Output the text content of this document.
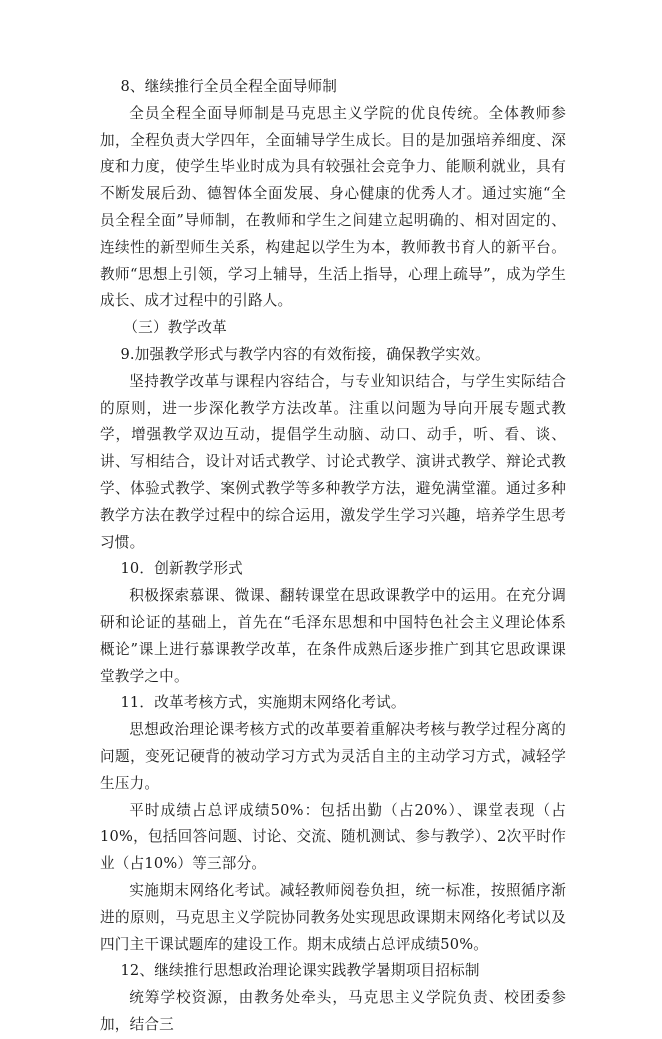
8、继续推行全员全程全面导师制

全员全程全面导师制是马克思主义学院的优良传统。全体教师参加，全程负责大学四年，全面辅导学生成长。目的是加强培养细度、深度和力度，使学生毕业时成为具有较强社会竞争力、能顺利就业，具有不断发展后劲、德智体全面发展、身心健康的优秀人才。通过实施“全员全程全面”导师制，在教师和学生之间建立起明确的、相对固定的、连续性的新型师生关系，构建起以学生为本，教师教书育人的新平台。教师“思想上引领，学习上辅导，生活上指导，心理上疏导”，成为学生成长、成才过程中的引路人。

（三）教学改革

9.加强教学形式与教学内容的有效衔接，确保教学实效。

坚持教学改革与课程内容结合，与专业知识结合，与学生实际结合的原则，进一步深化教学方法改革。注重以问题为导向开展专题式教学，增强教学双边互动，提倡学生动脑、动口、动手，听、看、谈、讲、写相结合，设计对话式教学、讨论式教学、演讲式教学、辩论式教学、体验式教学、案例式教学等多种教学方法，避免满堂灌。通过多种教学方法在教学过程中的综合运用，激发学生学习兴趣，培养学生思考习惯。

10．创新教学形式

积极探索慕课、微课、翻转课堂在思政课教学中的运用。在充分调研和论证的基础上，首先在“毛泽东思想和中国特色社会主义理论体系概论”课上进行慕课教学改革，在条件成熟后逐步推广到其它思政课课堂教学之中。

11．改革考核方式，实施期末网络化考试。

思想政治理论课考核方式的改革要着重解决考核与教学过程分离的问题，变死记硬背的被动学习方式为灵活自主的主动学习方式，减轻学生压力。

平时成绩占总评成绩50%：包括出勤（占20%）、课堂表现（占10%，包括回答问题、讨论、交流、随机测试、参与教学）、2次平时作业（占10%）等三部分。

实施期末网络化考试。减轻教师阅卷负担，统一标准，按照循序渐进的原则，马克思主义学院协同教务处实现思政课期末网络化考试以及四门主干课试题库的建设工作。期末成绩占总评成绩50%。

12、继续推行思想政治理论课实践教学暑期项目招标制

统筹学校资源，由教务处牵头，马克思主义学院负责、校团委参加，结合三
